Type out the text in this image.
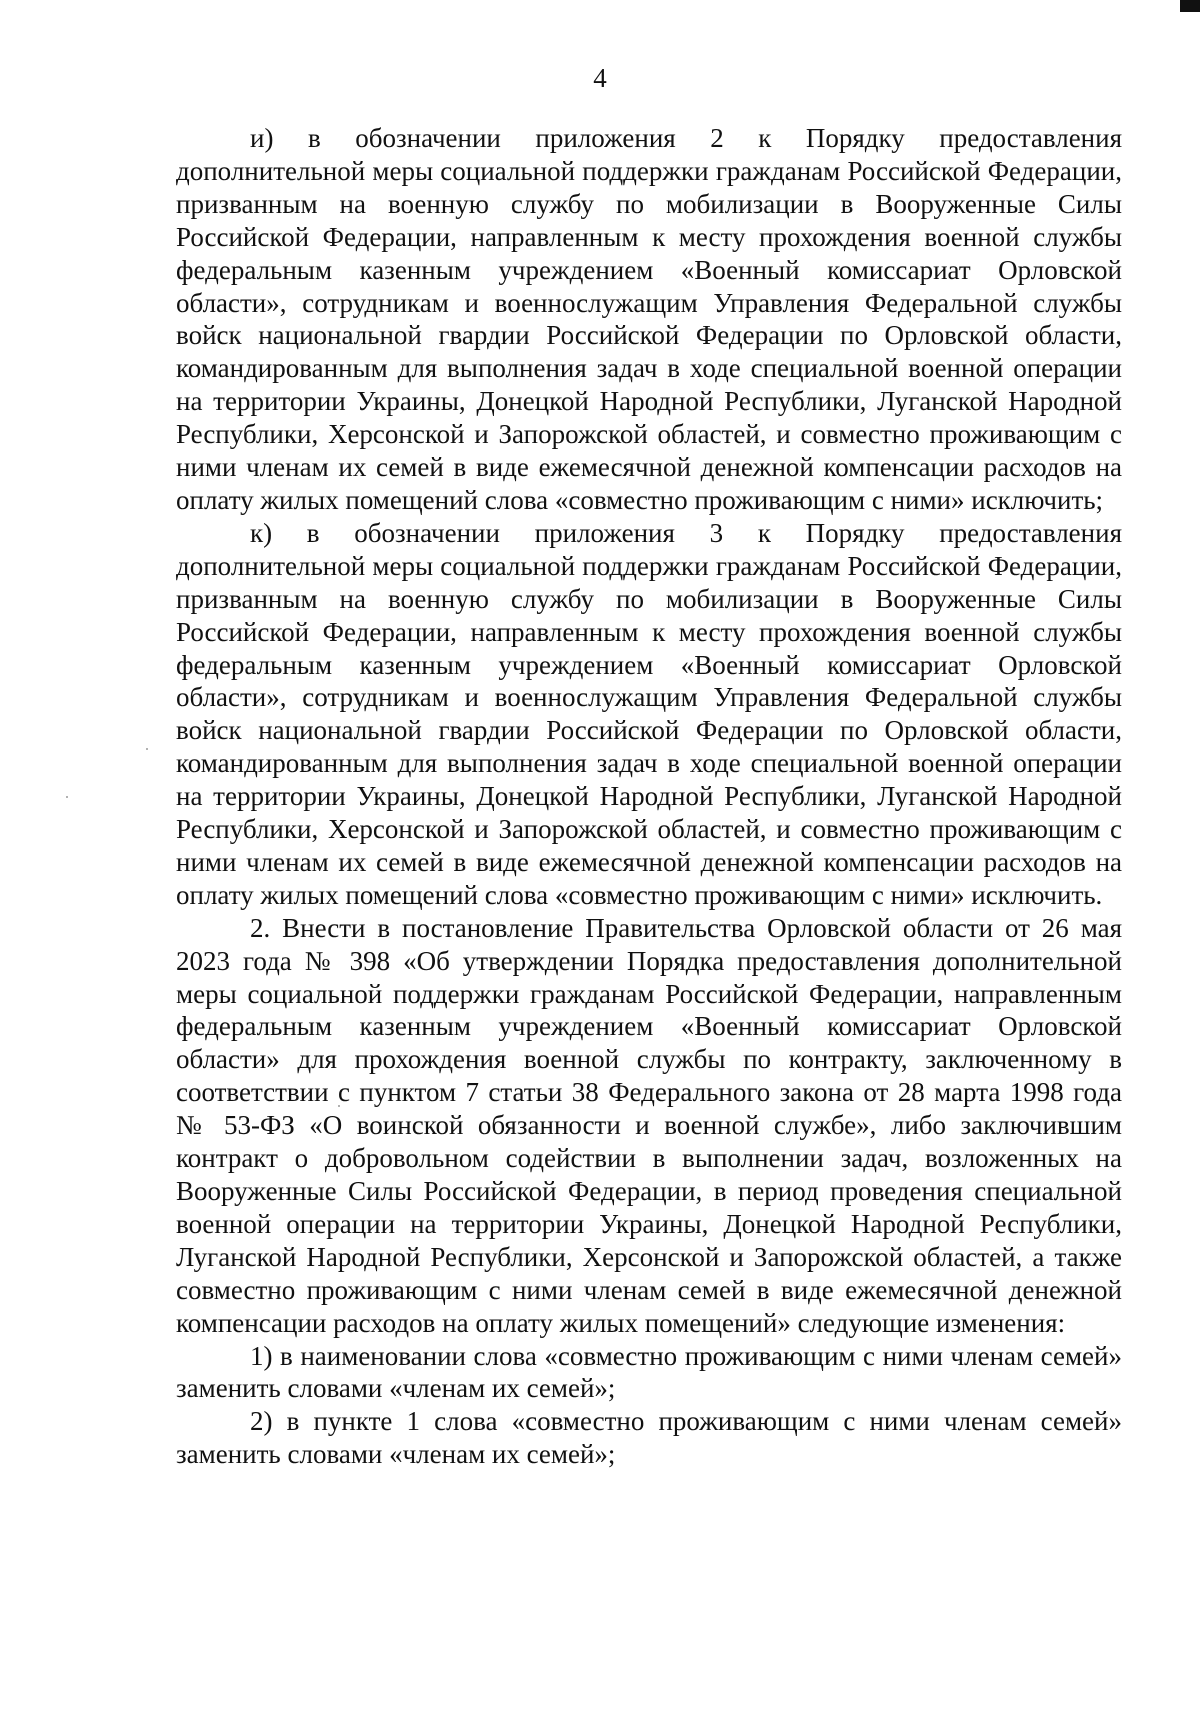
4

и) в обозначении приложения 2 к Порядку предоставления дополнительной меры социальной поддержки гражданам Российской Федерации, призванным на военную службу по мобилизации в Вооруженные Силы Российской Федерации, направленным к месту прохождения военной службы федеральным казенным учреждением «Военный комиссариат Орловской области», сотрудникам и военнослужащим Управления Федеральной службы войск национальной гвардии Российской Федерации по Орловской области, командированным для выполнения задач в ходе специальной военной операции на территории Украины, Донецкой Народной Республики, Луганской Народной Республики, Херсонской и Запорожской областей, и совместно проживающим с ними членам их семей в виде ежемесячной денежной компенсации расходов на оплату жилых помещений слова «совместно проживающим с ними» исключить;

к) в обозначении приложения 3 к Порядку предоставления дополнительной меры социальной поддержки гражданам Российской Федерации, призванным на военную службу по мобилизации в Вооруженные Силы Российской Федерации, направленным к месту прохождения военной службы федеральным казенным учреждением «Военный комиссариат Орловской области», сотрудникам и военнослужащим Управления Федеральной службы войск национальной гвардии Российской Федерации по Орловской области, командированным для выполнения задач в ходе специальной военной операции на территории Украины, Донецкой Народной Республики, Луганской Народной Республики, Херсонской и Запорожской областей, и совместно проживающим с ними членам их семей в виде ежемесячной денежной компенсации расходов на оплату жилых помещений слова «совместно проживающим с ними» исключить.

2. Внести в постановление Правительства Орловской области от 26 мая 2023 года № 398 «Об утверждении Порядка предоставления дополнительной меры социальной поддержки гражданам Российской Федерации, направленным федеральным казенным учреждением «Военный комиссариат Орловской области» для прохождения военной службы по контракту, заключенному в соответствии с пунктом 7 статьи 38 Федерального закона от 28 марта 1998 года № 53-ФЗ «О воинской обязанности и военной службе», либо заключившим контракт о добровольном содействии в выполнении задач, возложенных на Вооруженные Силы Российской Федерации, в период проведения специальной военной операции на территории Украины, Донецкой Народной Республики, Луганской Народной Республики, Херсонской и Запорожской областей, а также совместно проживающим с ними членам семей в виде ежемесячной денежной компенсации расходов на оплату жилых помещений» следующие изменения:

1) в наименовании слова «совместно проживающим с ними членам семей» заменить словами «членам их семей»;

2) в пункте 1 слова «совместно проживающим с ними членам семей» заменить словами «членам их семей»;
